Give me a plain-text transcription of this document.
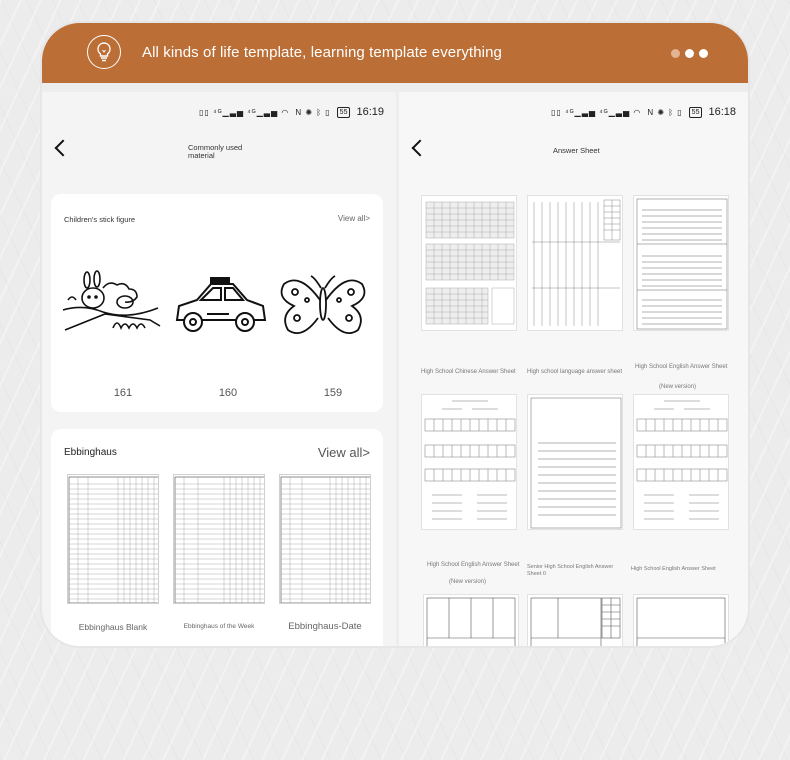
All kinds of life template, learning template everything
▯▯ ⁴ᴳ▁▃▅ ⁴ᴳ▁▃▅ ◠ N ✺ ᛒ ▯	55 16:19
Commonly used material
Children's stick figure	View all>
161	160	159
Ebbinghaus	View all>
Ebbinghaus Blank	Ebbinghaus of the Week	Ebbinghaus-Date
▯▯ ⁴ᴳ▁▃▅ ⁴ᴳ▁▃▅ ◠ N ✺ ᛒ ▯	55 16:18
Answer Sheet
High School Chinese Answer Sheet	High school language answer sheet
High School English Answer Sheet
(New version)
High School English Answer Sheet
(New version)
Senior High School English Answer Sheet 0
High School English Answer Sheet
